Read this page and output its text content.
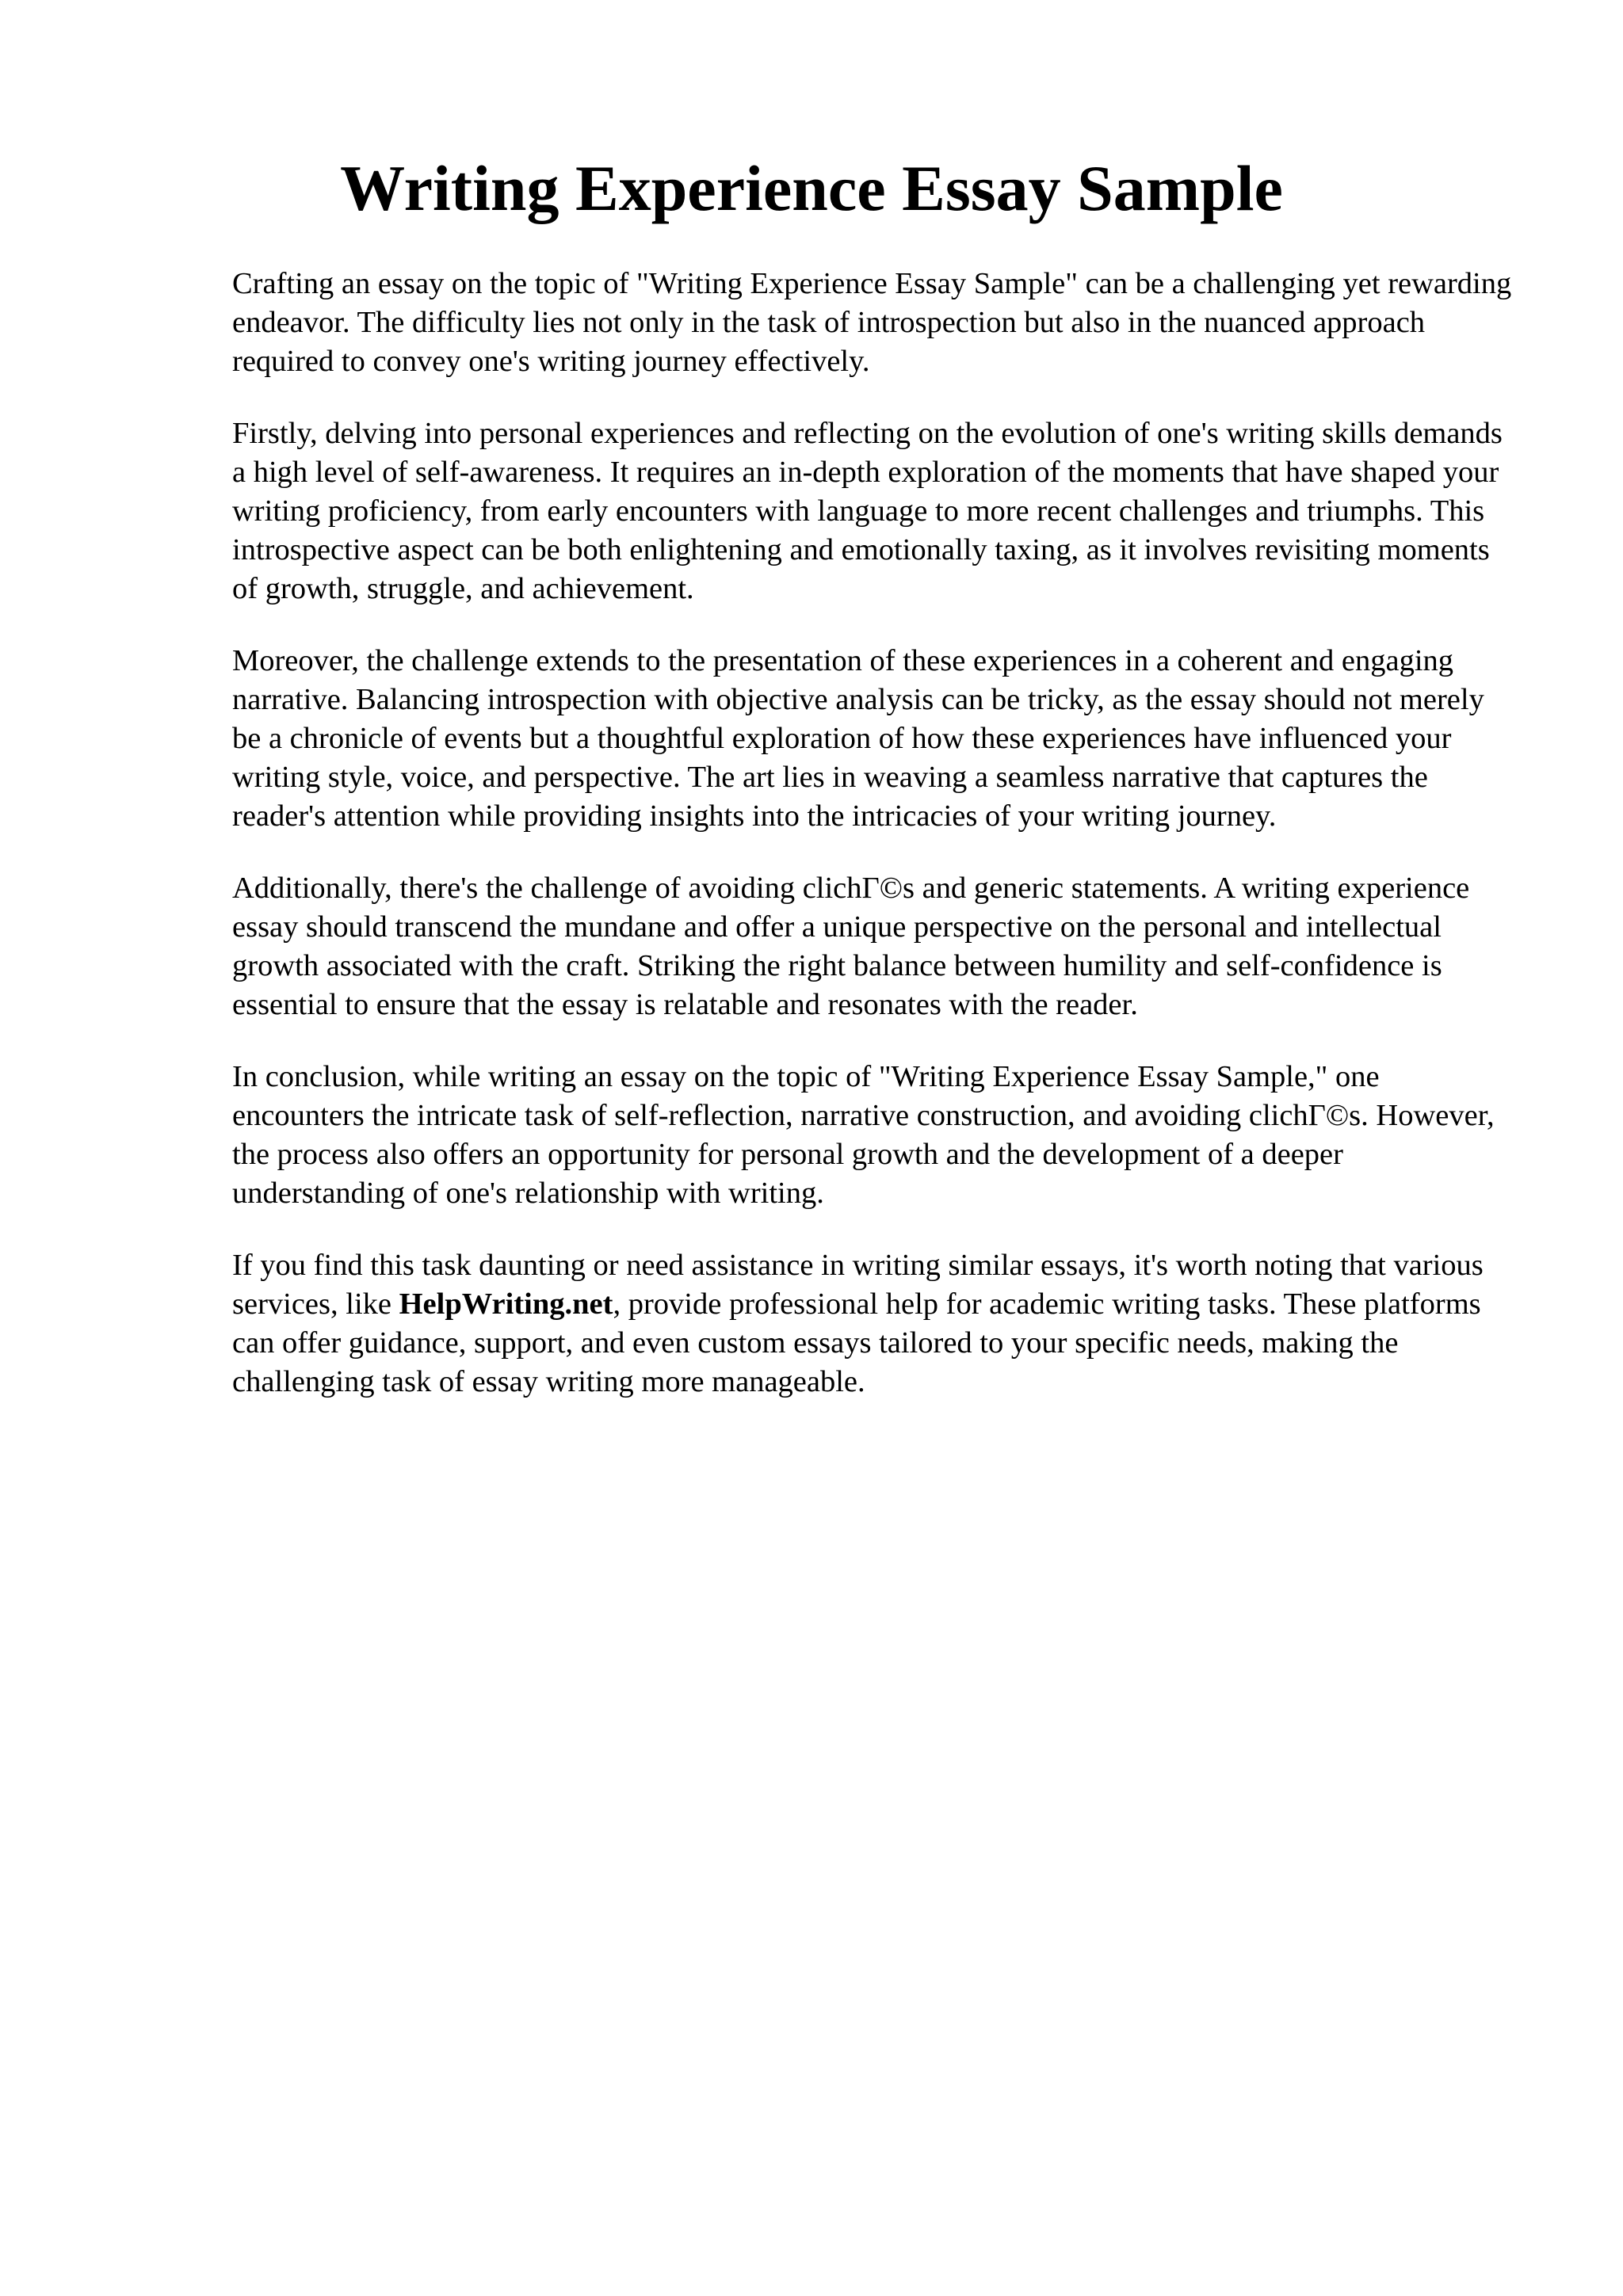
Writing Experience Essay Sample

Crafting an essay on the topic of "Writing Experience Essay Sample" can be a challenging yet rewarding endeavor. The difficulty lies not only in the task of introspection but also in the nuanced approach required to convey one's writing journey effectively.

Firstly, delving into personal experiences and reflecting on the evolution of one's writing skills demands a high level of self-awareness. It requires an in-depth exploration of the moments that have shaped your writing proficiency, from early encounters with language to more recent challenges and triumphs. This introspective aspect can be both enlightening and emotionally taxing, as it involves revisiting moments of growth, struggle, and achievement.

Moreover, the challenge extends to the presentation of these experiences in a coherent and engaging narrative. Balancing introspection with objective analysis can be tricky, as the essay should not merely be a chronicle of events but a thoughtful exploration of how these experiences have influenced your writing style, voice, and perspective. The art lies in weaving a seamless narrative that captures the reader's attention while providing insights into the intricacies of your writing journey.

Additionally, there's the challenge of avoiding clichΓ©s and generic statements. A writing experience essay should transcend the mundane and offer a unique perspective on the personal and intellectual growth associated with the craft. Striking the right balance between humility and self-confidence is essential to ensure that the essay is relatable and resonates with the reader.

In conclusion, while writing an essay on the topic of "Writing Experience Essay Sample," one encounters the intricate task of self-reflection, narrative construction, and avoiding clichΓ©s. However, the process also offers an opportunity for personal growth and the development of a deeper understanding of one's relationship with writing.

If you find this task daunting or need assistance in writing similar essays, it's worth noting that various services, like HelpWriting.net, provide professional help for academic writing tasks. These platforms can offer guidance, support, and even custom essays tailored to your specific needs, making the challenging task of essay writing more manageable.
